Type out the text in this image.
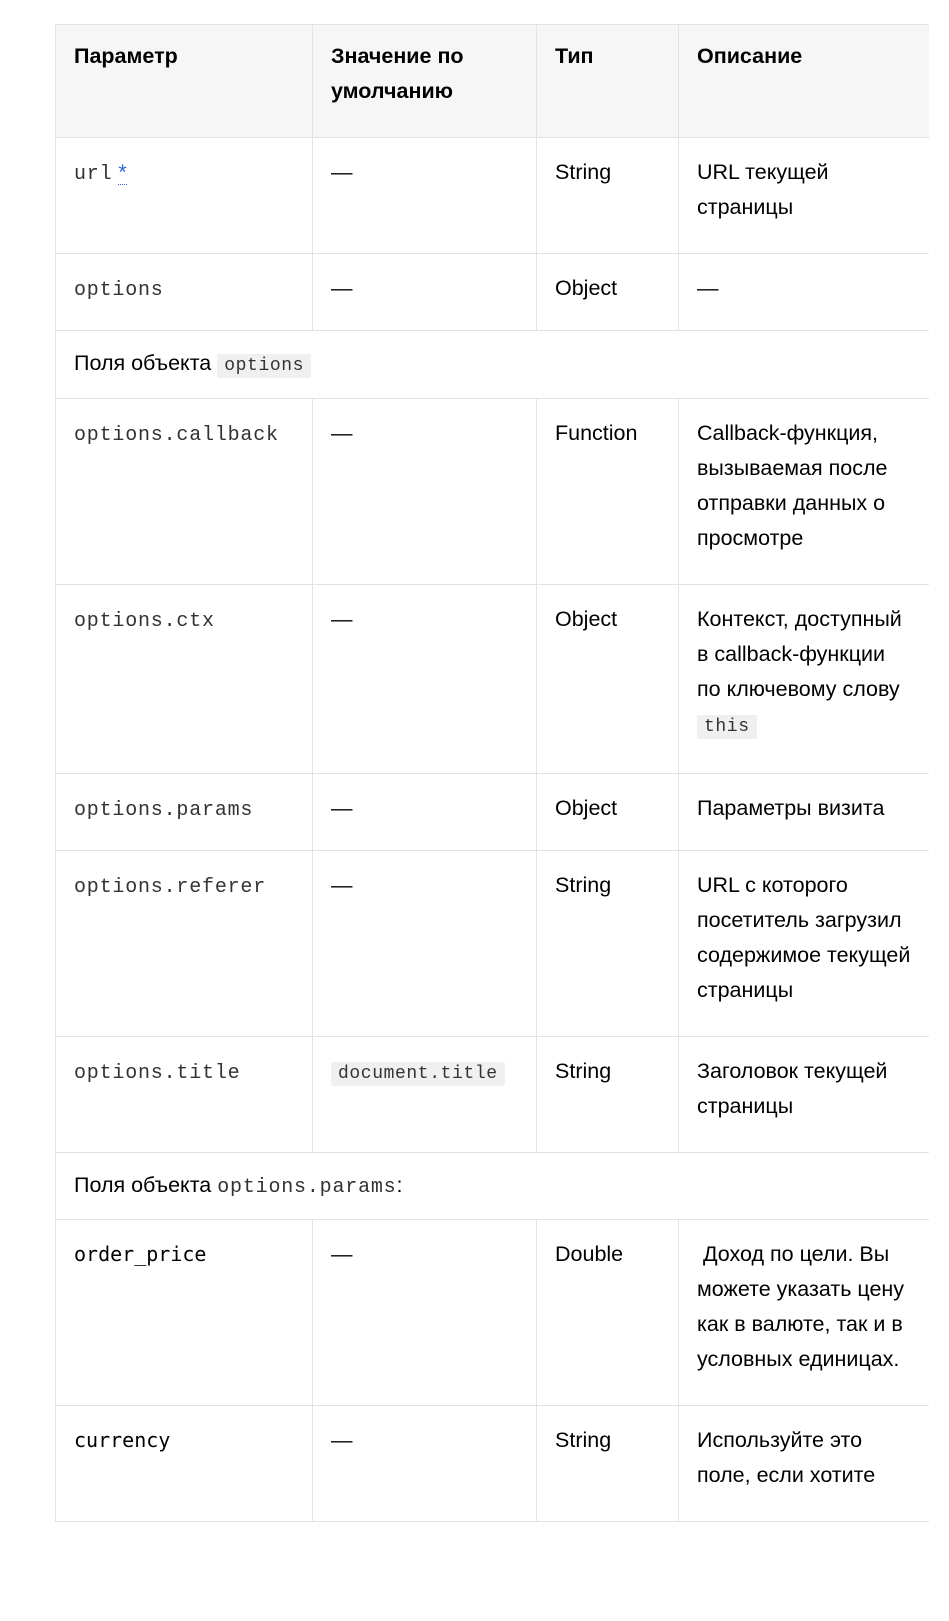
Параметр	Значение по умолчанию	Тип	Описание
url *	—	String	URL текущей страницы
options	—	Object	—
Поля объекта options			
options.callback	—	Function	Callback-функция, вызываемая после отправки данных о просмотре
options.ctx	—	Object	Контекст, доступный в callback-функции по ключевому слову this
options.params	—	Object	Параметры визита
options.referer	—	String	URL с которого посетитель загрузил содержимое текущей страницы
options.title	document.title	String	Заголовок текущей страницы
Поля объекта options.params:			
order_price	—	Double	Доход по цели. Вы можете указать цену как в валюте, так и в условных единицах.
currency	—	String	Используйте это поле, если хотите
